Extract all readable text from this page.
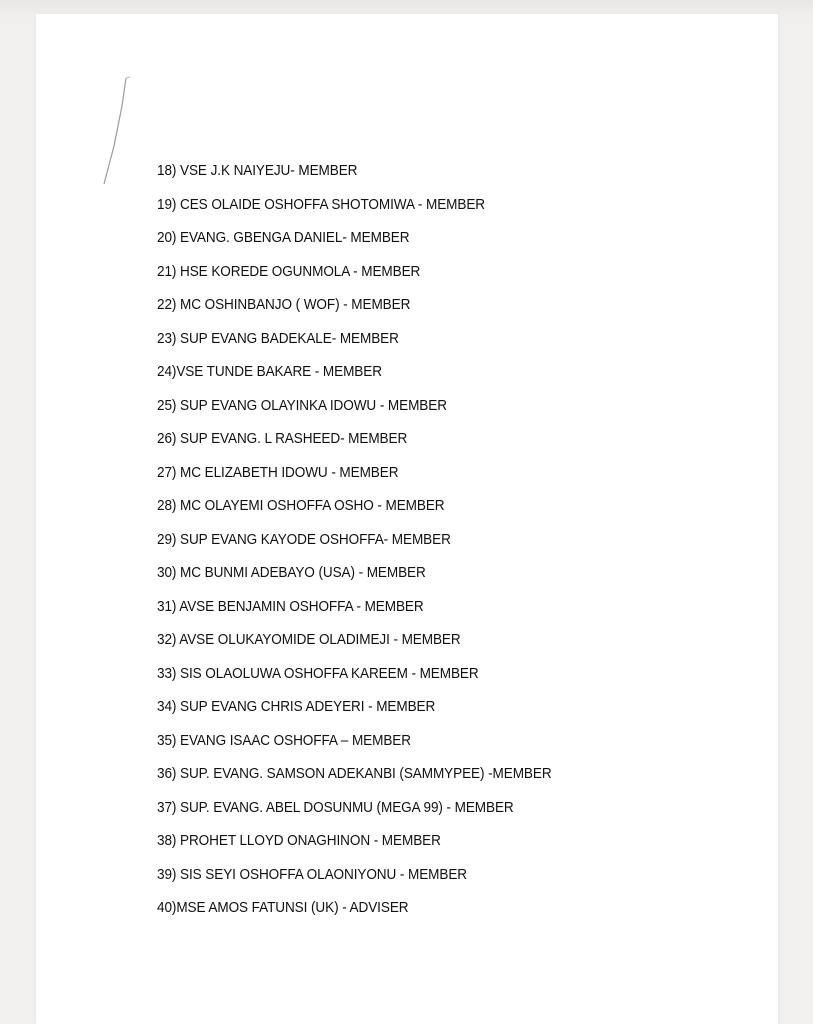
18) VSE J.K NAIYEJU- MEMBER
19) CES OLAIDE OSHOFFA SHOTOMIWA - MEMBER
20) EVANG. GBENGA DANIEL- MEMBER
21) HSE KOREDE OGUNMOLA - MEMBER
22) MC OSHINBANJO ( WOF) - MEMBER
23) SUP EVANG BADEKALE- MEMBER
24)VSE TUNDE BAKARE - MEMBER
25) SUP EVANG OLAYINKA IDOWU - MEMBER
26) SUP EVANG. L RASHEED- MEMBER
27) MC ELIZABETH IDOWU - MEMBER
28) MC OLAYEMI OSHOFFA OSHO - MEMBER
29) SUP EVANG KAYODE OSHOFFA- MEMBER
30) MC BUNMI ADEBAYO (USA) - MEMBER
31) AVSE BENJAMIN OSHOFFA - MEMBER
32) AVSE OLUKAYOMIDE OLADIMEJI - MEMBER
33) SIS OLAOLUWA OSHOFFA KAREEM - MEMBER
34) SUP EVANG CHRIS ADEYERI - MEMBER
35) EVANG ISAAC OSHOFFA – MEMBER
36) SUP. EVANG. SAMSON ADEKANBI (SAMMYPEE) -MEMBER
37) SUP. EVANG. ABEL DOSUNMU (MEGA 99) - MEMBER
38) PROHET LLOYD ONAGHINON - MEMBER
39) SIS SEYI OSHOFFA OLAONIYONU - MEMBER
40)MSE AMOS FATUNSI (UK) - ADVISER
